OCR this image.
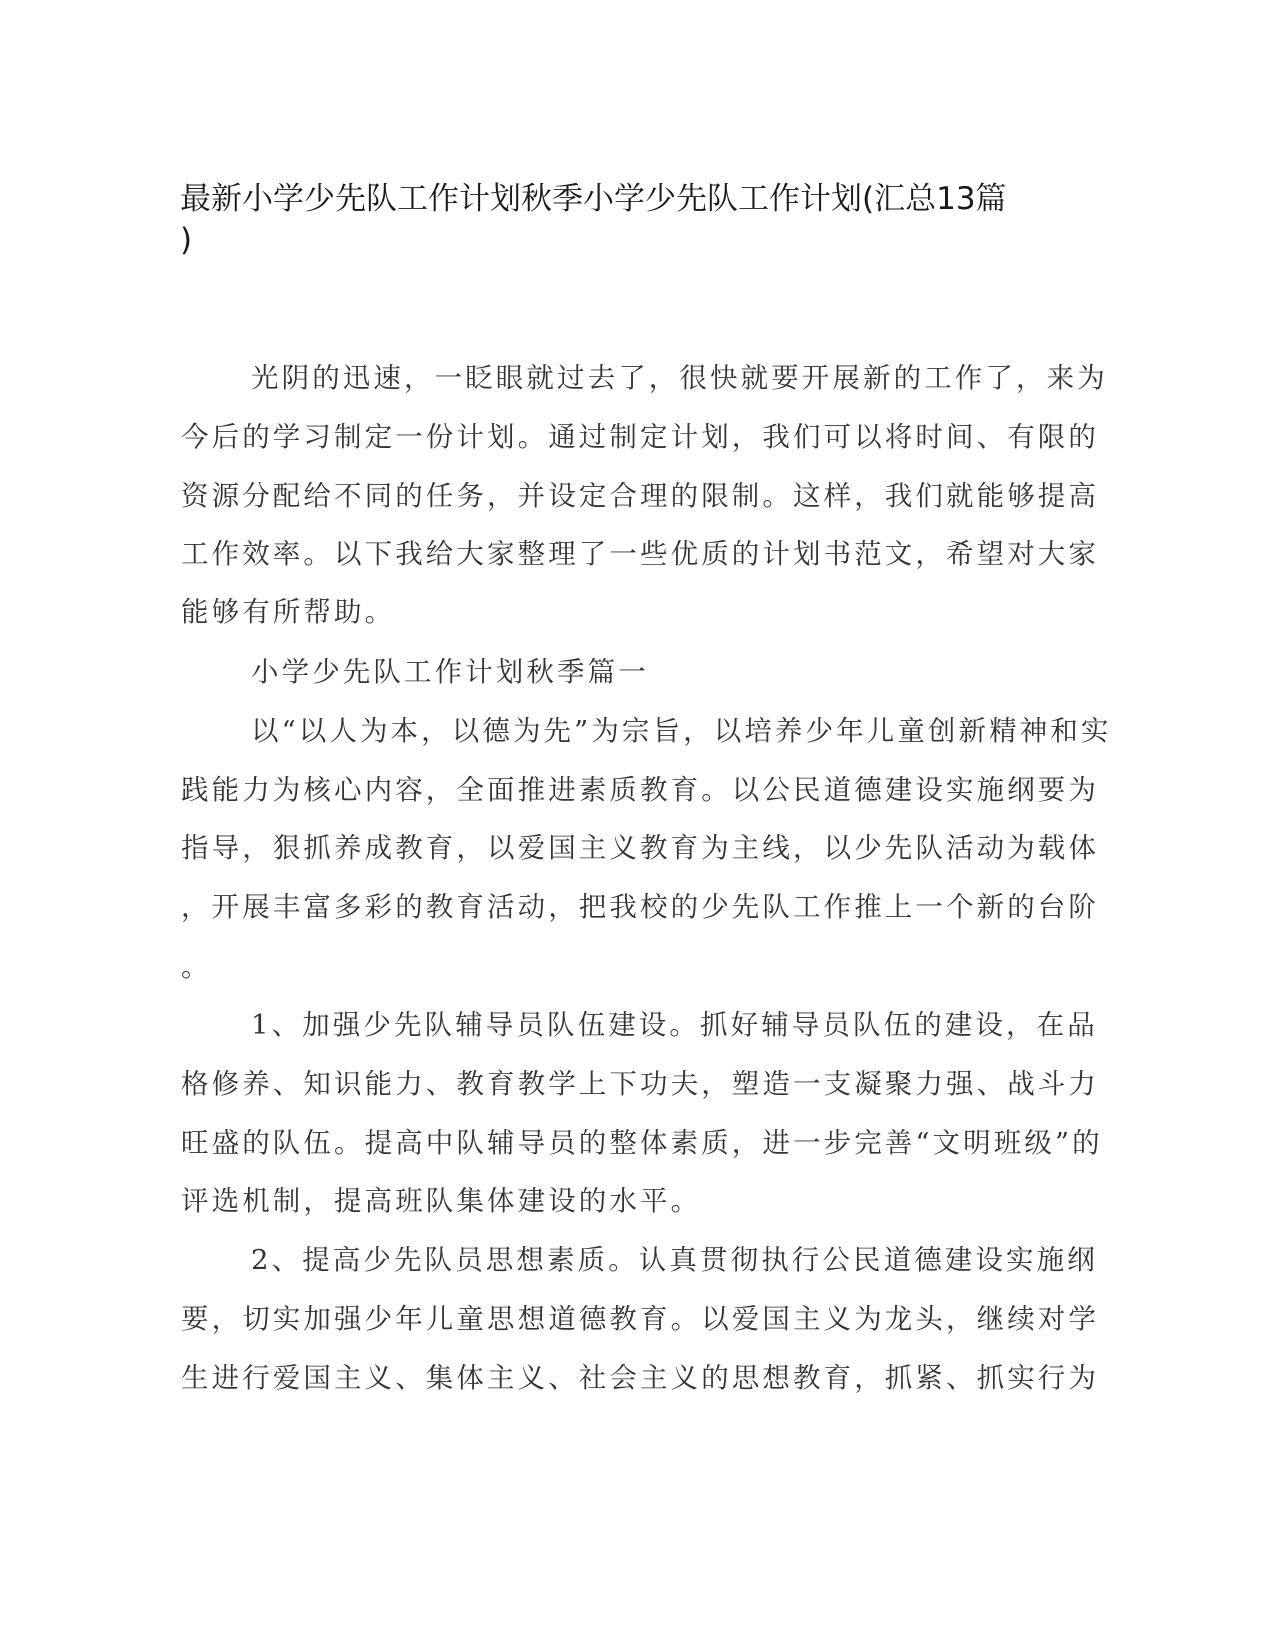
最新小学少先队工作计划秋季小学少先队工作计划(汇总13篇
)
光阴的迅速，一眨眼就过去了，很快就要开展新的工作了，来为
今后的学习制定一份计划。通过制定计划，我们可以将时间、有限的
资源分配给不同的任务，并设定合理的限制。这样，我们就能够提高
工作效率。以下我给大家整理了一些优质的计划书范文，希望对大家
能够有所帮助。
小学少先队工作计划秋季篇一
以“以人为本，以德为先”为宗旨，以培养少年儿童创新精神和实
践能力为核心内容，全面推进素质教育。以公民道德建设实施纲要为
指导，狠抓养成教育，以爱国主义教育为主线，以少先队活动为载体
，开展丰富多彩的教育活动，把我校的少先队工作推上一个新的台阶
。
1、加强少先队辅导员队伍建设。抓好辅导员队伍的建设，在品
格修养、知识能力、教育教学上下功夫，塑造一支凝聚力强、战斗力
旺盛的队伍。提高中队辅导员的整体素质，进一步完善“文明班级”的
评选机制，提高班队集体建设的水平。
2、提高少先队员思想素质。认真贯彻执行公民道德建设实施纲
要，切实加强少年儿童思想道德教育。以爱国主义为龙头，继续对学
生进行爱国主义、集体主义、社会主义的思想教育，抓紧、抓实行为
